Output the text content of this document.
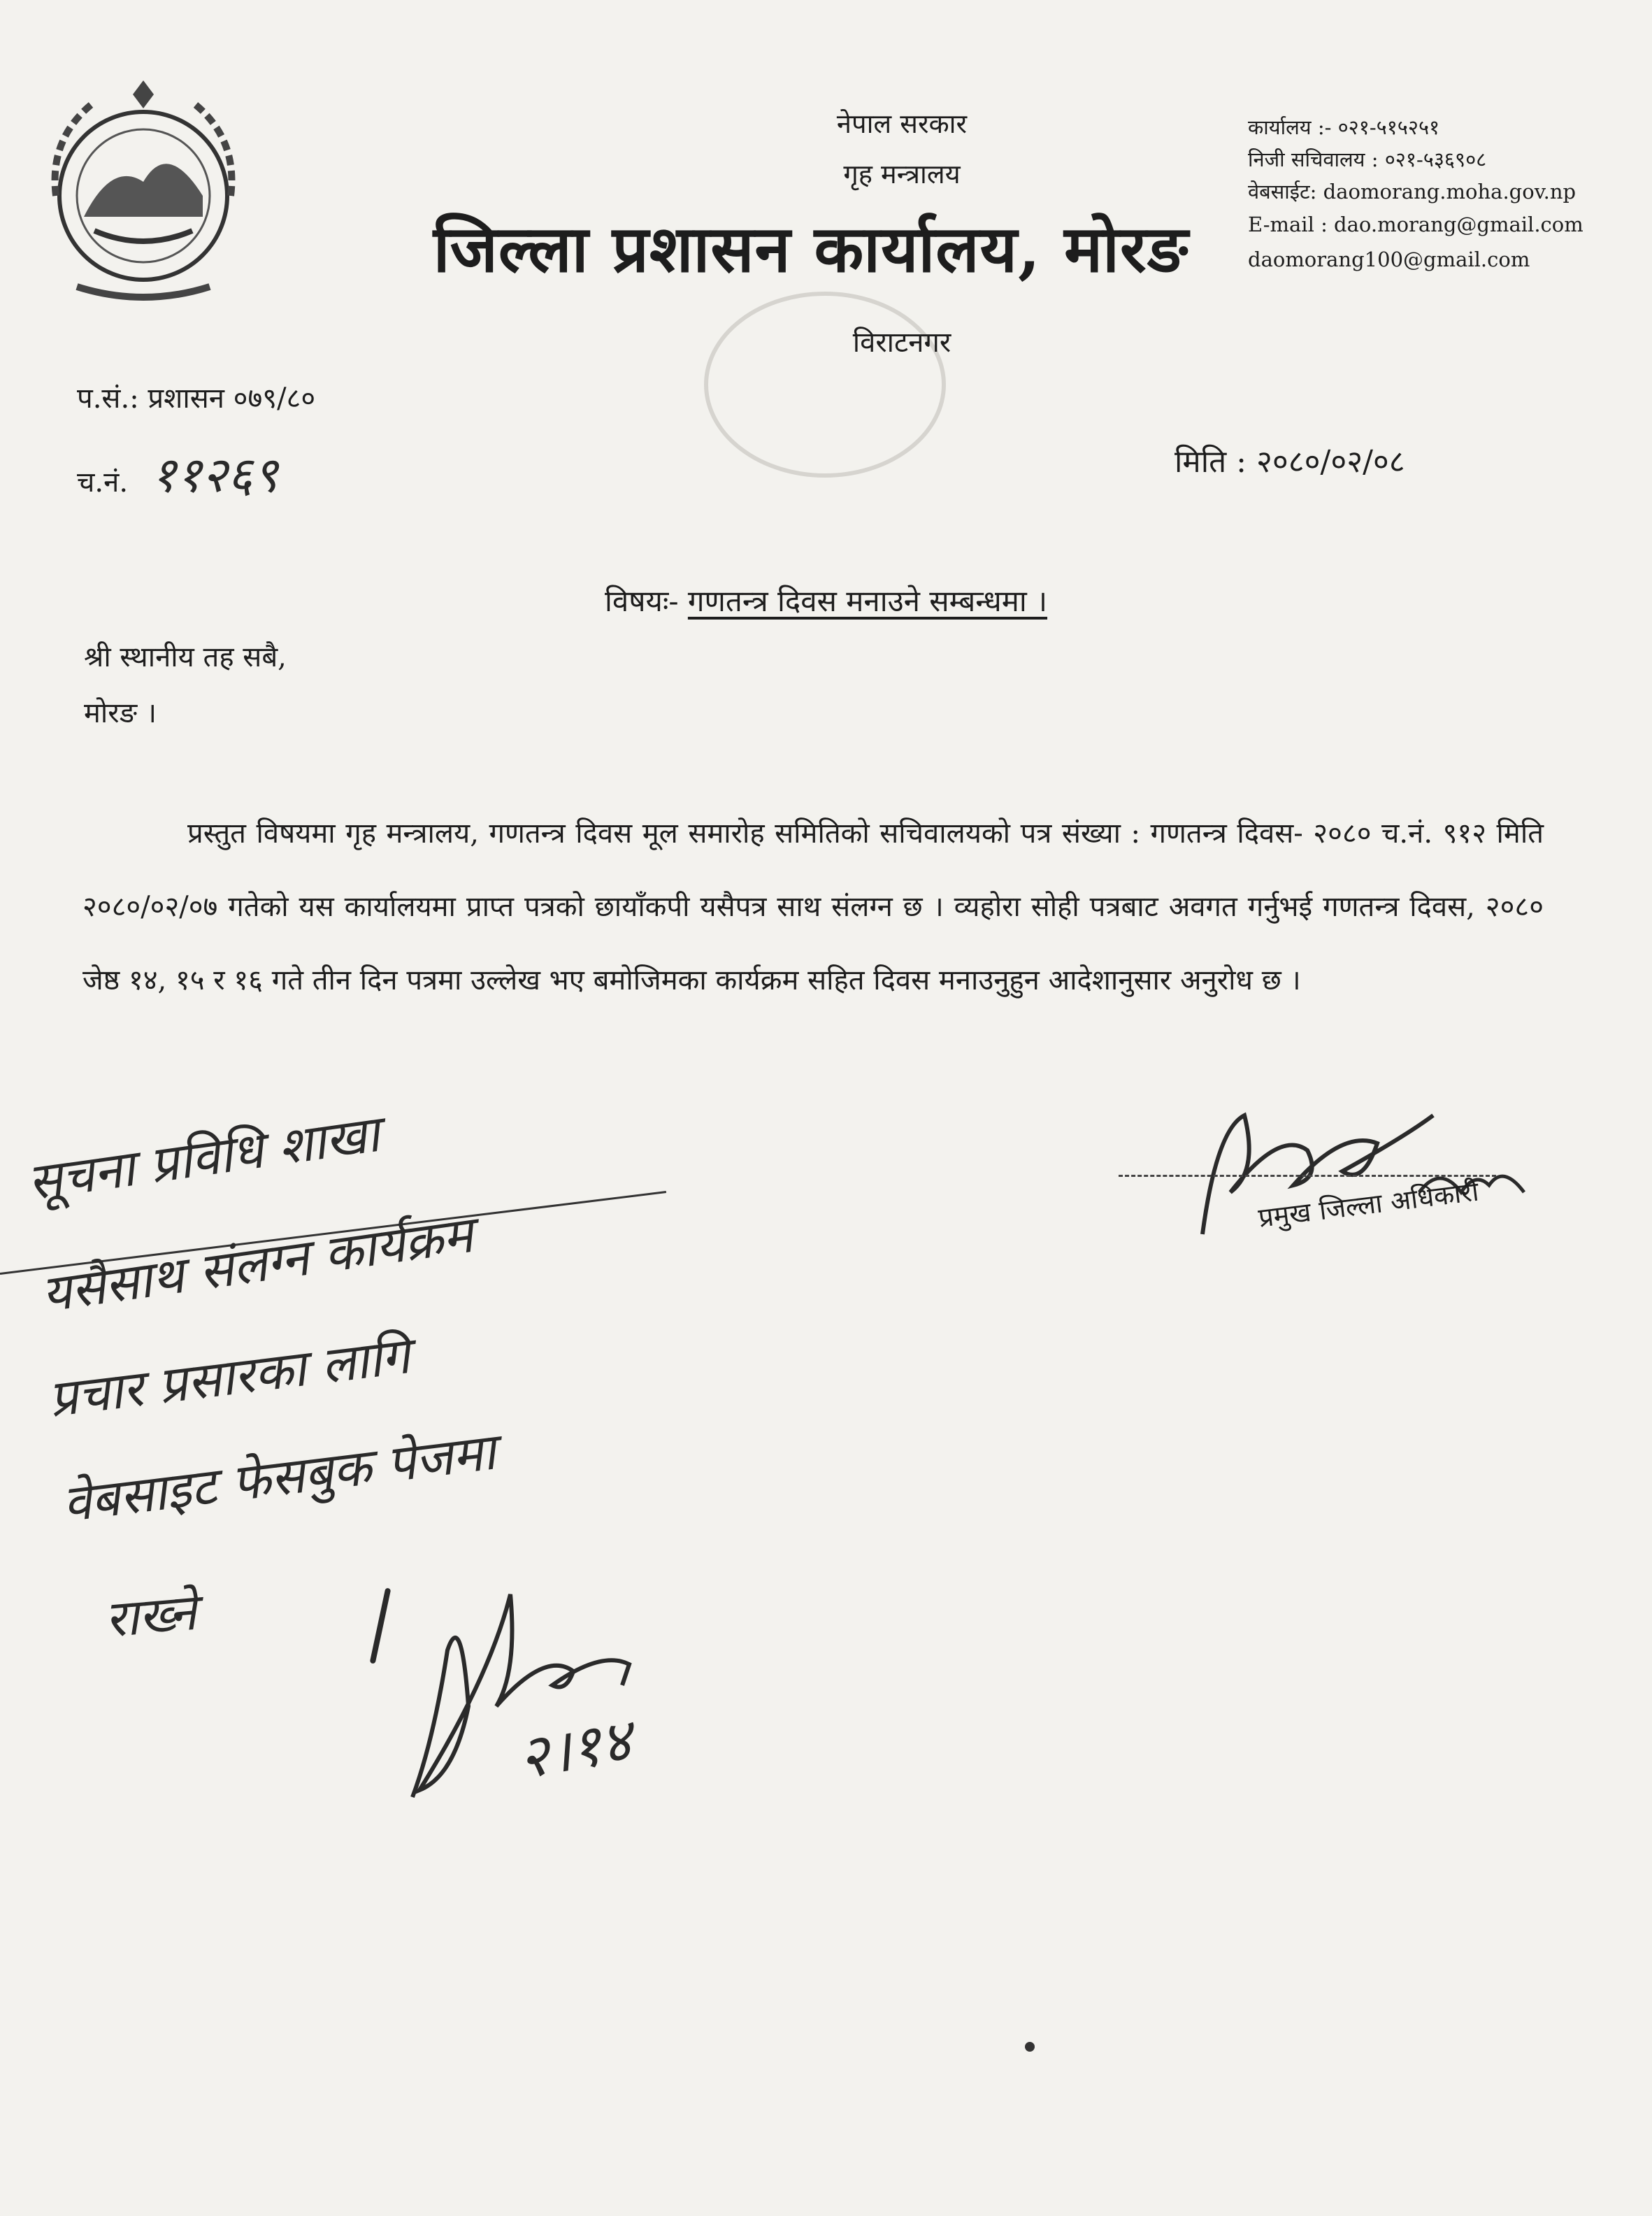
नेपाल सरकार
गृह मन्त्रालय
जिल्ला प्रशासन कार्यालय, मोरङ
विराटनगर
कार्यालय :- ०२१-५१५२५१
निजी सचिवालय : ०२१-५३६९०८
वेबसाईट: daomorang.moha.gov.np
E-mail : dao.morang@gmail.com
daomorang100@gmail.com
प.सं.: प्रशासन ०७९/८०
च.नं. ११२६९	मिति : २०८०/०२/०८
विषयः- गणतन्त्र दिवस मनाउने सम्बन्धमा ।
श्री स्थानीय तह सबै,
मोरङ ।

प्रस्तुत विषयमा गृह मन्त्रालय, गणतन्त्र दिवस मूल समारोह समितिको सचिवालयको पत्र संख्या : गणतन्त्र दिवस- २०८० च.नं. ९१२ मिति २०८०/०२/०७ गतेको यस कार्यालयमा प्राप्त पत्रको छायाँकपी यसैपत्र साथ संलग्न छ । व्यहोरा सोही पत्रबाट अवगत गर्नुभई गणतन्त्र दिवस, २०८० जेष्ठ १४, १५ र १६ गते तीन दिन पत्रमा उल्लेख भए बमोजिमका कार्यक्रम सहित दिवस मनाउनुहुन आदेशानुसार अनुरोध छ ।

प्रमुख जिल्ला अधिकारी
सूचना प्रविधि शाखा
यसैसाथ संलग्न कार्यक्रम
प्रचार प्रसारका लागि
वेबसाइट फेसबुक पेजमा
राख्ने
२।१४
